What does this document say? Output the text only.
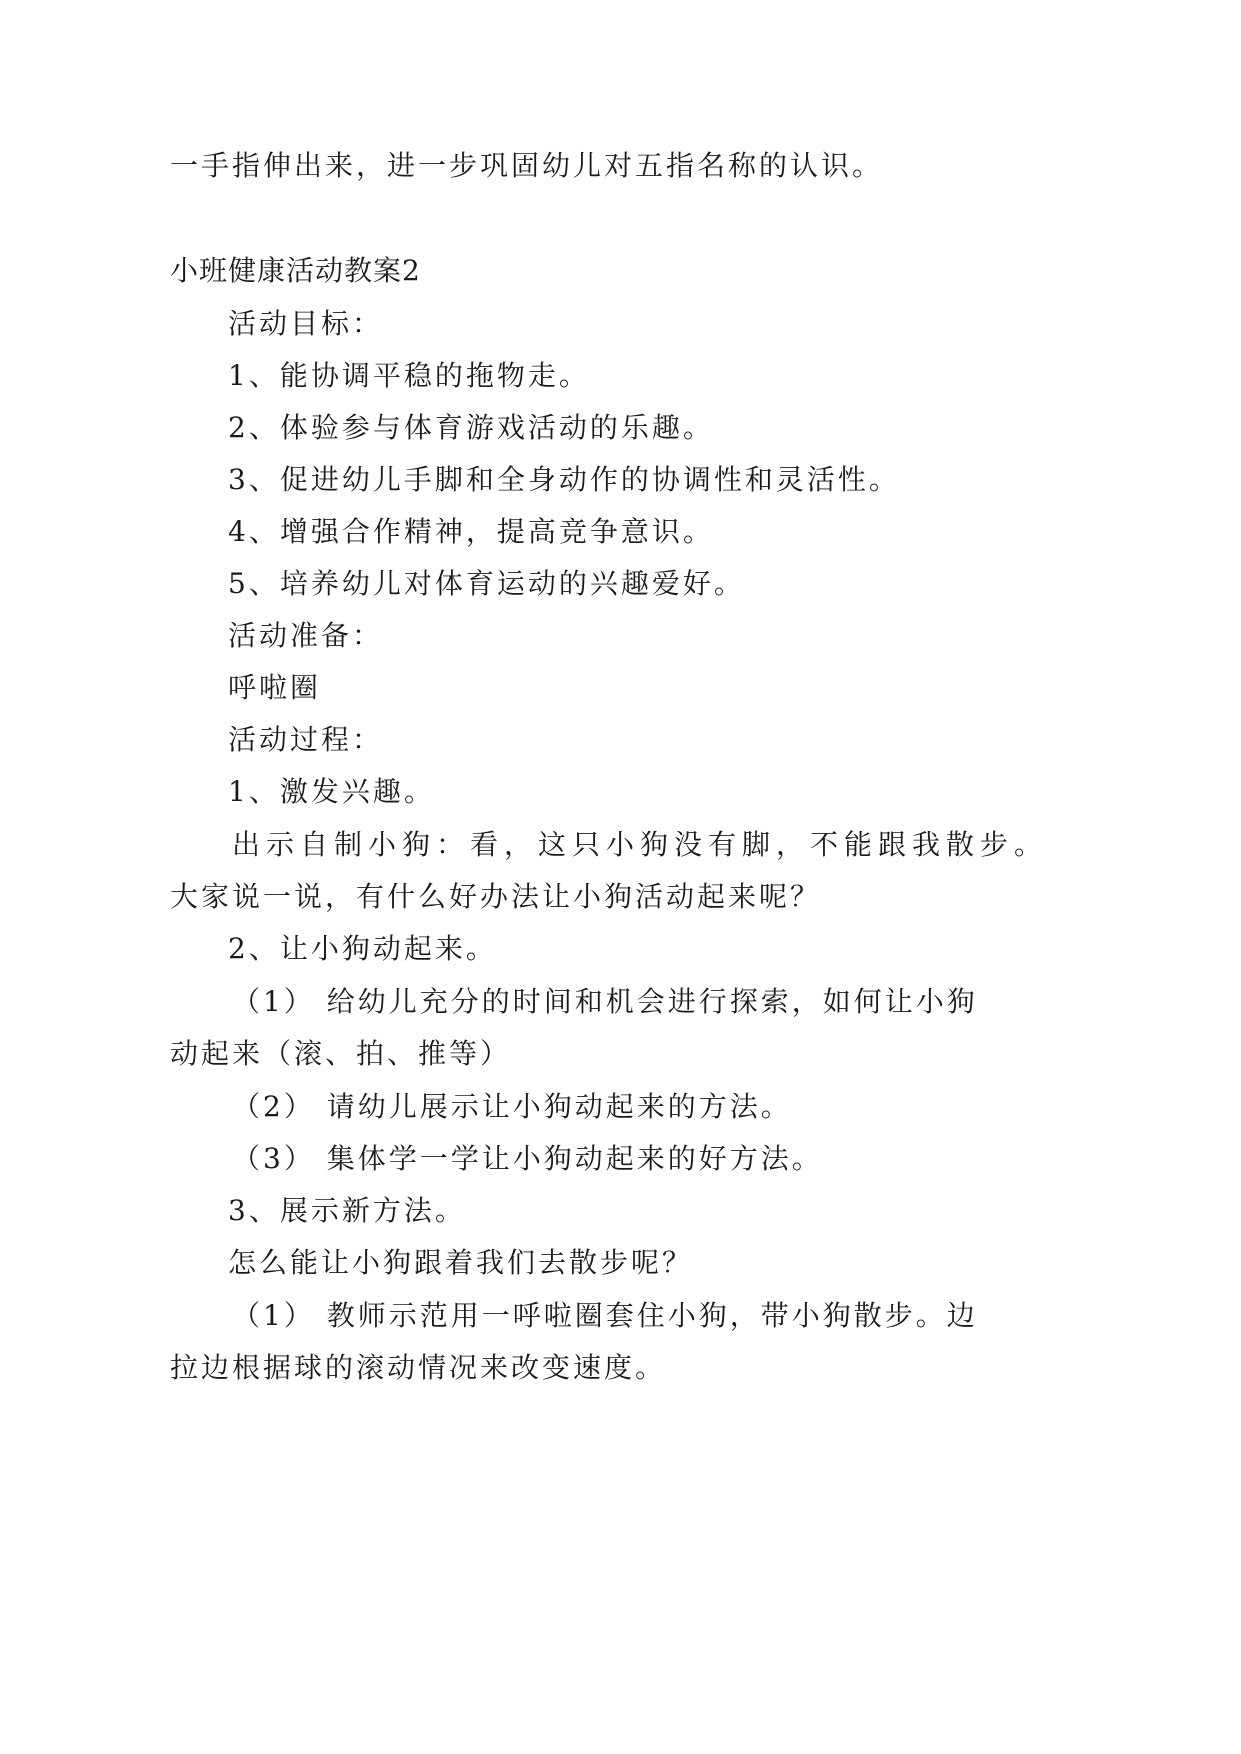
一手指伸出来，进一步巩固幼儿对五指名称的认识。
小班健康活动教案2
活动目标：
1、能协调平稳的拖物走。
2、体验参与体育游戏活动的乐趣。
3、促进幼儿手脚和全身动作的协调性和灵活性。
4、增强合作精神，提高竞争意识。
5、培养幼儿对体育运动的兴趣爱好。
活动准备：
呼啦圈
活动过程：
1、激发兴趣。
出示自制小狗：看，这只小狗没有脚，不能跟我散步。
大家说一说，有什么好办法让小狗活动起来呢？
2、让小狗动起来。
（1） 给幼儿充分的时间和机会进行探索，如何让小狗
动起来（滚、拍、推等）
（2） 请幼儿展示让小狗动起来的方法。
（3） 集体学一学让小狗动起来的好方法。
3、展示新方法。
怎么能让小狗跟着我们去散步呢？
（1） 教师示范用一呼啦圈套住小狗，带小狗散步。边
拉边根据球的滚动情况来改变速度。
